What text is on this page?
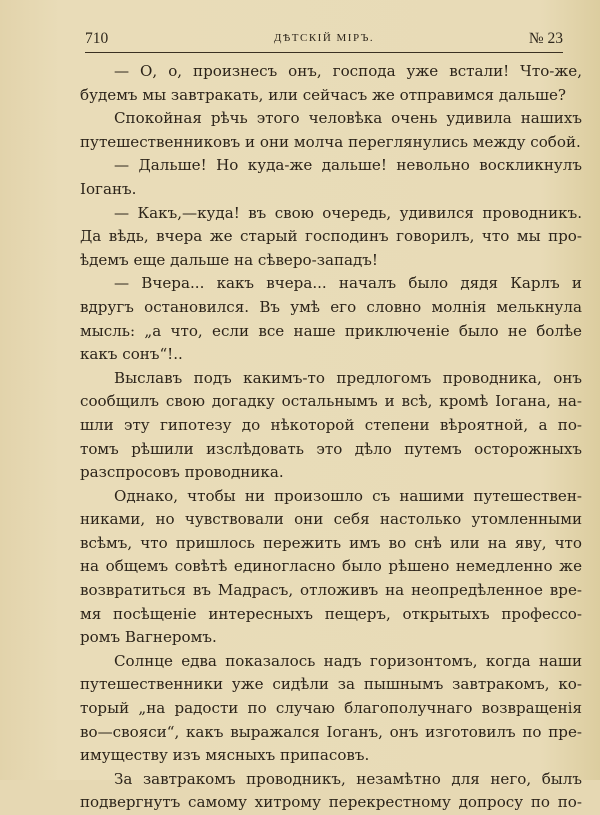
710	ДѢТСКІЙ МІРЪ.	№ 23

— О, о, произнесъ онъ, господа уже встали! Что-же,
будемъ мы завтракать, или сейчасъ же отправимся дальше?

Спокойная рѣчь этого человѣка очень удивила нашихъ
путешественниковъ и они молча переглянулись между собой.

— Дальше! Но куда-же дальше! невольно воскликнулъ
Іоганъ.

— Какъ,—куда! въ свою очередь, удивился проводникъ.
Да вѣдь, вчера же старый господинъ говорилъ, что мы про-
ѣдемъ еще дальше на сѣверо-западъ!

— Вчера... какъ вчера... началъ было дядя Карлъ и
вдругъ остановился. Въ умѣ его словно молнія мелькнула
мысль: „а что, если все наше приключеніе было не болѣе
какъ сонъ“!..

Выславъ подъ какимъ-то предлогомъ проводника, онъ
сообщилъ свою догадку остальнымъ и всѣ, кромѣ Іогана, на-
шли эту гипотезу до нѣкоторой степени вѣроятной, а по-
томъ рѣшили изслѣдовать это дѣло путемъ осторожныхъ
разспросовъ проводника.

Однако, чтобы ни произошло съ нашими путешествен-
никами, но чувствовали они себя настолько утомленными
всѣмъ, что пришлось пережить имъ во снѣ или на яву, что
на общемъ совѣтѣ единогласно было рѣшено немедленно же
возвратиться въ Мадрасъ, отложивъ на неопредѣленное вре-
мя посѣщеніе интересныхъ пещеръ, открытыхъ профессо-
ромъ Вагнеромъ.

Солнце едва показалось надъ горизонтомъ, когда наши
путешественники уже сидѣли за пышнымъ завтракомъ, ко-
торый „на радости по случаю благополучнаго возвращенія
во—свояси“, какъ выражался Іоганъ, онъ изготовилъ по пре-
имуществу изъ мясныхъ припасовъ.

За завтракомъ проводникъ, незамѣтно для него, былъ
подвергнутъ самому хитрому перекрестному допросу по по-
